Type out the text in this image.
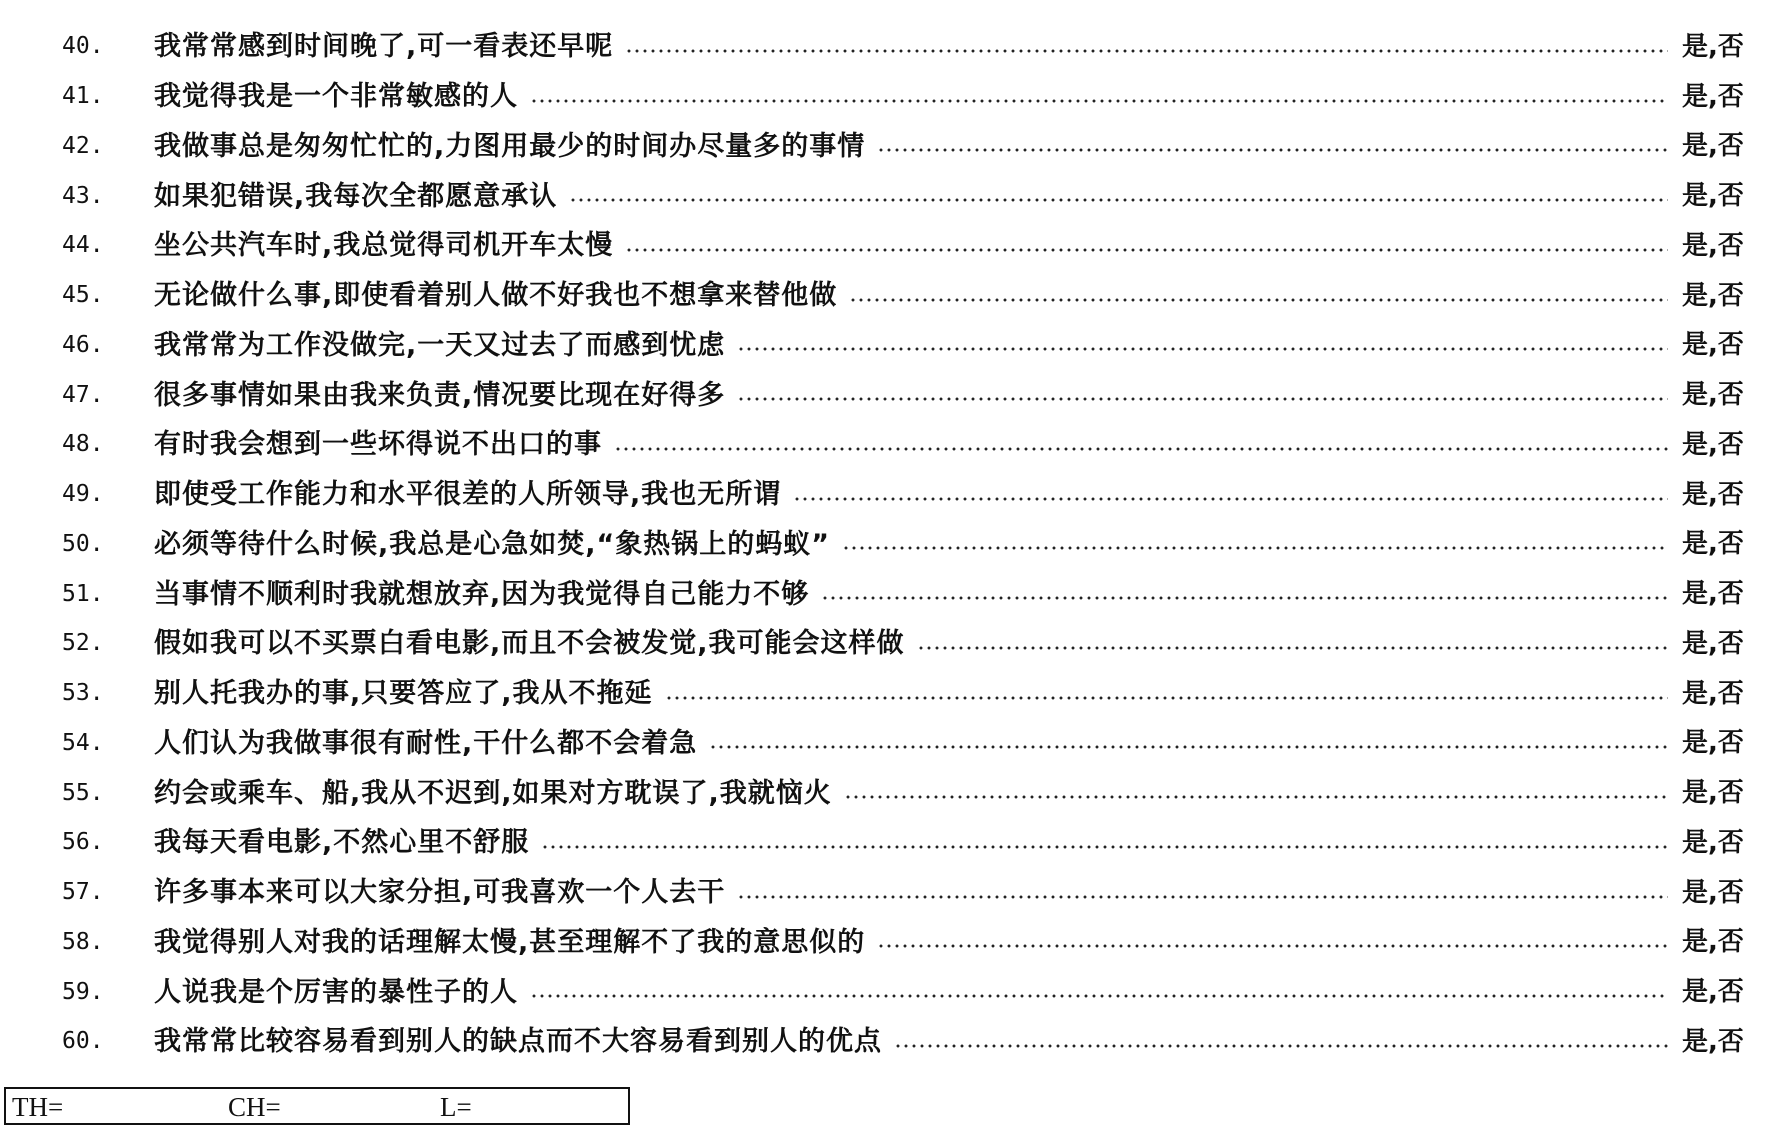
40.	我常常感到时间晚了,可一看表还早呢	是,否
41.	我觉得我是一个非常敏感的人	是,否
42.	我做事总是匆匆忙忙的,力图用最少的时间办尽量多的事情	是,否
43.	如果犯错误,我每次全都愿意承认	是,否
44.	坐公共汽车时,我总觉得司机开车太慢	是,否
45.	无论做什么事,即使看着别人做不好我也不想拿来替他做	是,否
46.	我常常为工作没做完,一天又过去了而感到忧虑	是,否
47.	很多事情如果由我来负责,情况要比现在好得多	是,否
48.	有时我会想到一些坏得说不出口的事	是,否
49.	即使受工作能力和水平很差的人所领导,我也无所谓	是,否
50.	必须等待什么时候,我总是心急如焚,“象热锅上的蚂蚁”	是,否
51.	当事情不顺利时我就想放弃,因为我觉得自己能力不够	是,否
52.	假如我可以不买票白看电影,而且不会被发觉,我可能会这样做	是,否
53.	别人托我办的事,只要答应了,我从不拖延	是,否
54.	人们认为我做事很有耐性,干什么都不会着急	是,否
55.	约会或乘车、船,我从不迟到,如果对方耽误了,我就恼火	是,否
56.	我每天看电影,不然心里不舒服	是,否
57.	许多事本来可以大家分担,可我喜欢一个人去干	是,否
58.	我觉得别人对我的话理解太慢,甚至理解不了我的意思似的	是,否
59.	人说我是个厉害的暴性子的人	是,否
60.	我常常比较容易看到别人的缺点而不大容易看到别人的优点	是,否
TH=	CH=	L=
